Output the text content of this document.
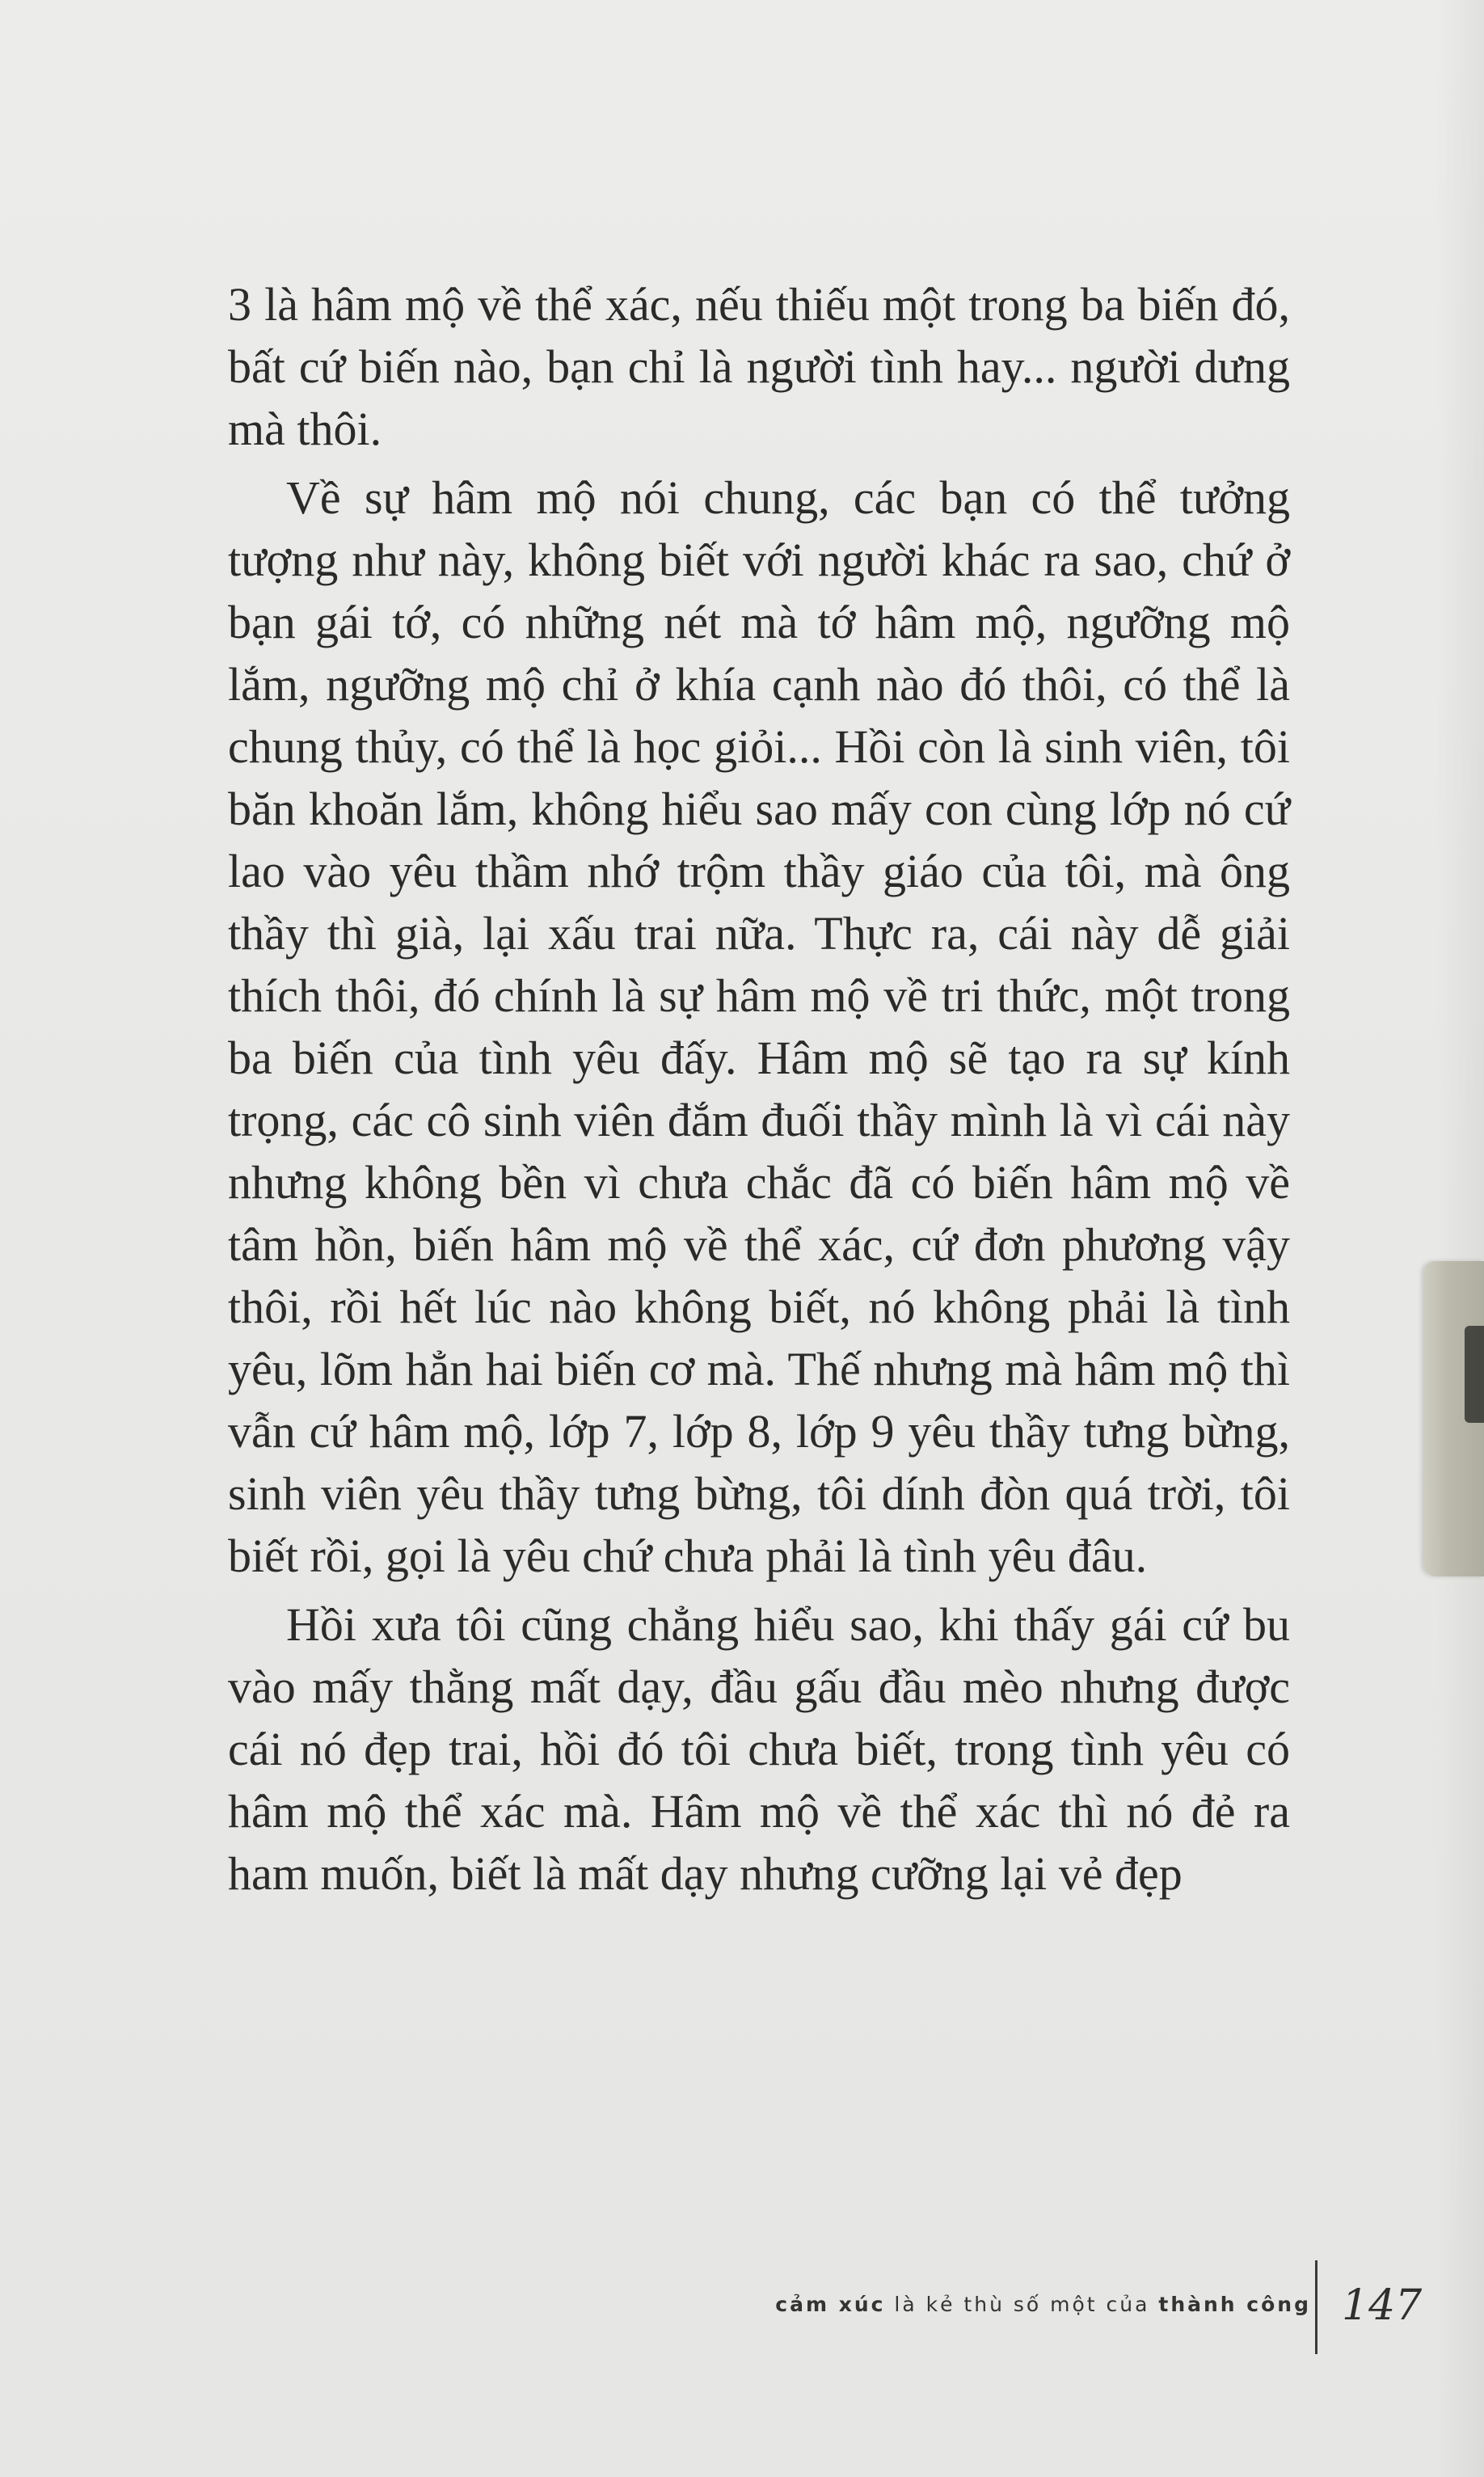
3 là hâm mộ về thể xác, nếu thiếu một trong ba biến đó, bất cứ biến nào, bạn chỉ là người tình hay... người dưng mà thôi.

Về sự hâm mộ nói chung, các bạn có thể tưởng tượng như này, không biết với người khác ra sao, chứ ở bạn gái tớ, có những nét mà tớ hâm mộ, ngưỡng mộ lắm, ngưỡng mộ chỉ ở khía cạnh nào đó thôi, có thể là chung thủy, có thể là học giỏi... Hồi còn là sinh viên, tôi băn khoăn lắm, không hiểu sao mấy con cùng lớp nó cứ lao vào yêu thầm nhớ trộm thầy giáo của tôi, mà ông thầy thì già, lại xấu trai nữa. Thực ra, cái này dễ giải thích thôi, đó chính là sự hâm mộ về tri thức, một trong ba biến của tình yêu đấy. Hâm mộ sẽ tạo ra sự kính trọng, các cô sinh viên đắm đuối thầy mình là vì cái này nhưng không bền vì chưa chắc đã có biến hâm mộ về tâm hồn, biến hâm mộ về thể xác, cứ đơn phương vậy thôi, rồi hết lúc nào không biết, nó không phải là tình yêu, lõm hẳn hai biến cơ mà. Thế nhưng mà hâm mộ thì vẫn cứ hâm mộ, lớp 7, lớp 8, lớp 9 yêu thầy tưng bừng, sinh viên yêu thầy tưng bừng, tôi dính đòn quá trời, tôi biết rồi, gọi là yêu chứ chưa phải là tình yêu đâu.

Hồi xưa tôi cũng chẳng hiểu sao, khi thấy gái cứ bu vào mấy thằng mất dạy, đầu gấu đầu mèo nhưng được cái nó đẹp trai, hồi đó tôi chưa biết, trong tình yêu có hâm mộ thể xác mà. Hâm mộ về thể xác thì nó đẻ ra ham muốn, biết là mất dạy nhưng cưỡng lại vẻ đẹp

cảm xúc là kẻ thù số một của thành công 147
